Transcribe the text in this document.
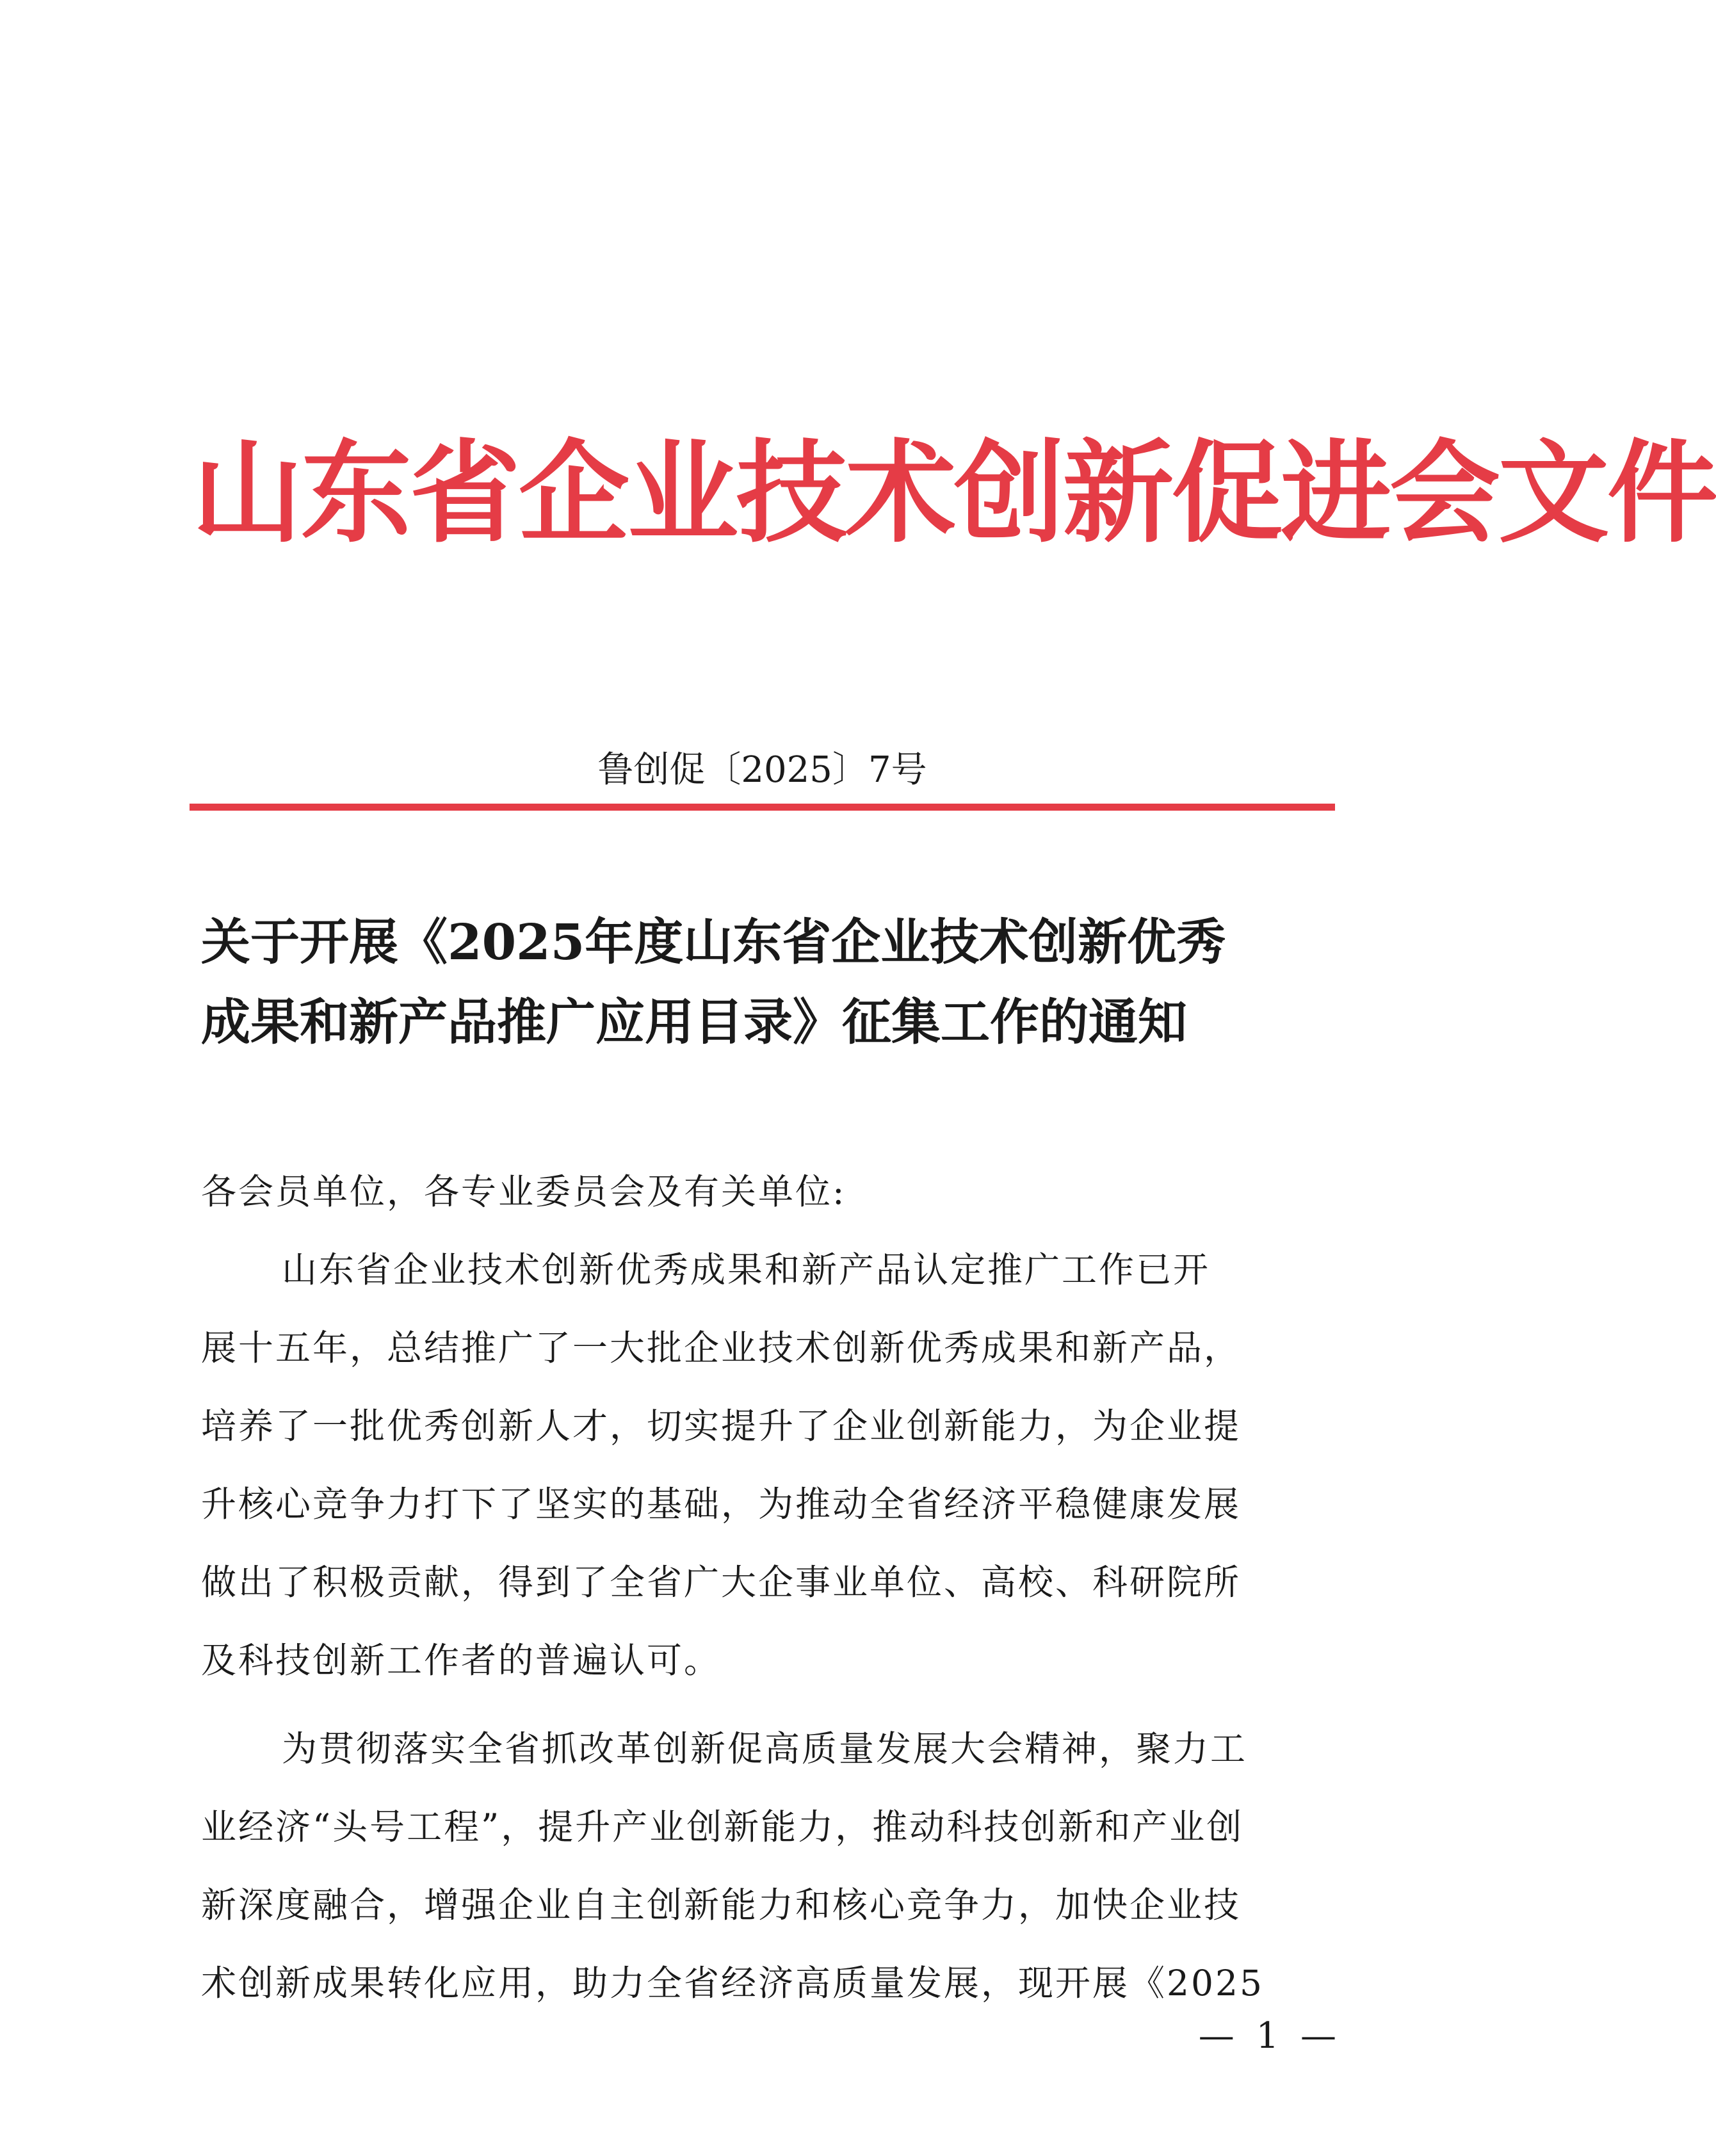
山东省企业技术创新促进会文件
鲁创促〔2025〕7号
关于开展《2025年度山东省企业技术创新优秀
成果和新产品推广应用目录》征集工作的通知
各会员单位，各专业委员会及有关单位:
山东省企业技术创新优秀成果和新产品认定推广工作已开
展十五年，总结推广了一大批企业技术创新优秀成果和新产品，
培养了一批优秀创新人才，切实提升了企业创新能力，为企业提
升核心竞争力打下了坚实的基础，为推动全省经济平稳健康发展
做出了积极贡献，得到了全省广大企事业单位、高校、科研院所
及科技创新工作者的普遍认可。
为贯彻落实全省抓改革创新促高质量发展大会精神，聚力工
业经济“头号工程”，提升产业创新能力，推动科技创新和产业创
新深度融合，增强企业自主创新能力和核心竞争力，加快企业技
术创新成果转化应用，助力全省经济高质量发展，现开展《2025
— 1 —
